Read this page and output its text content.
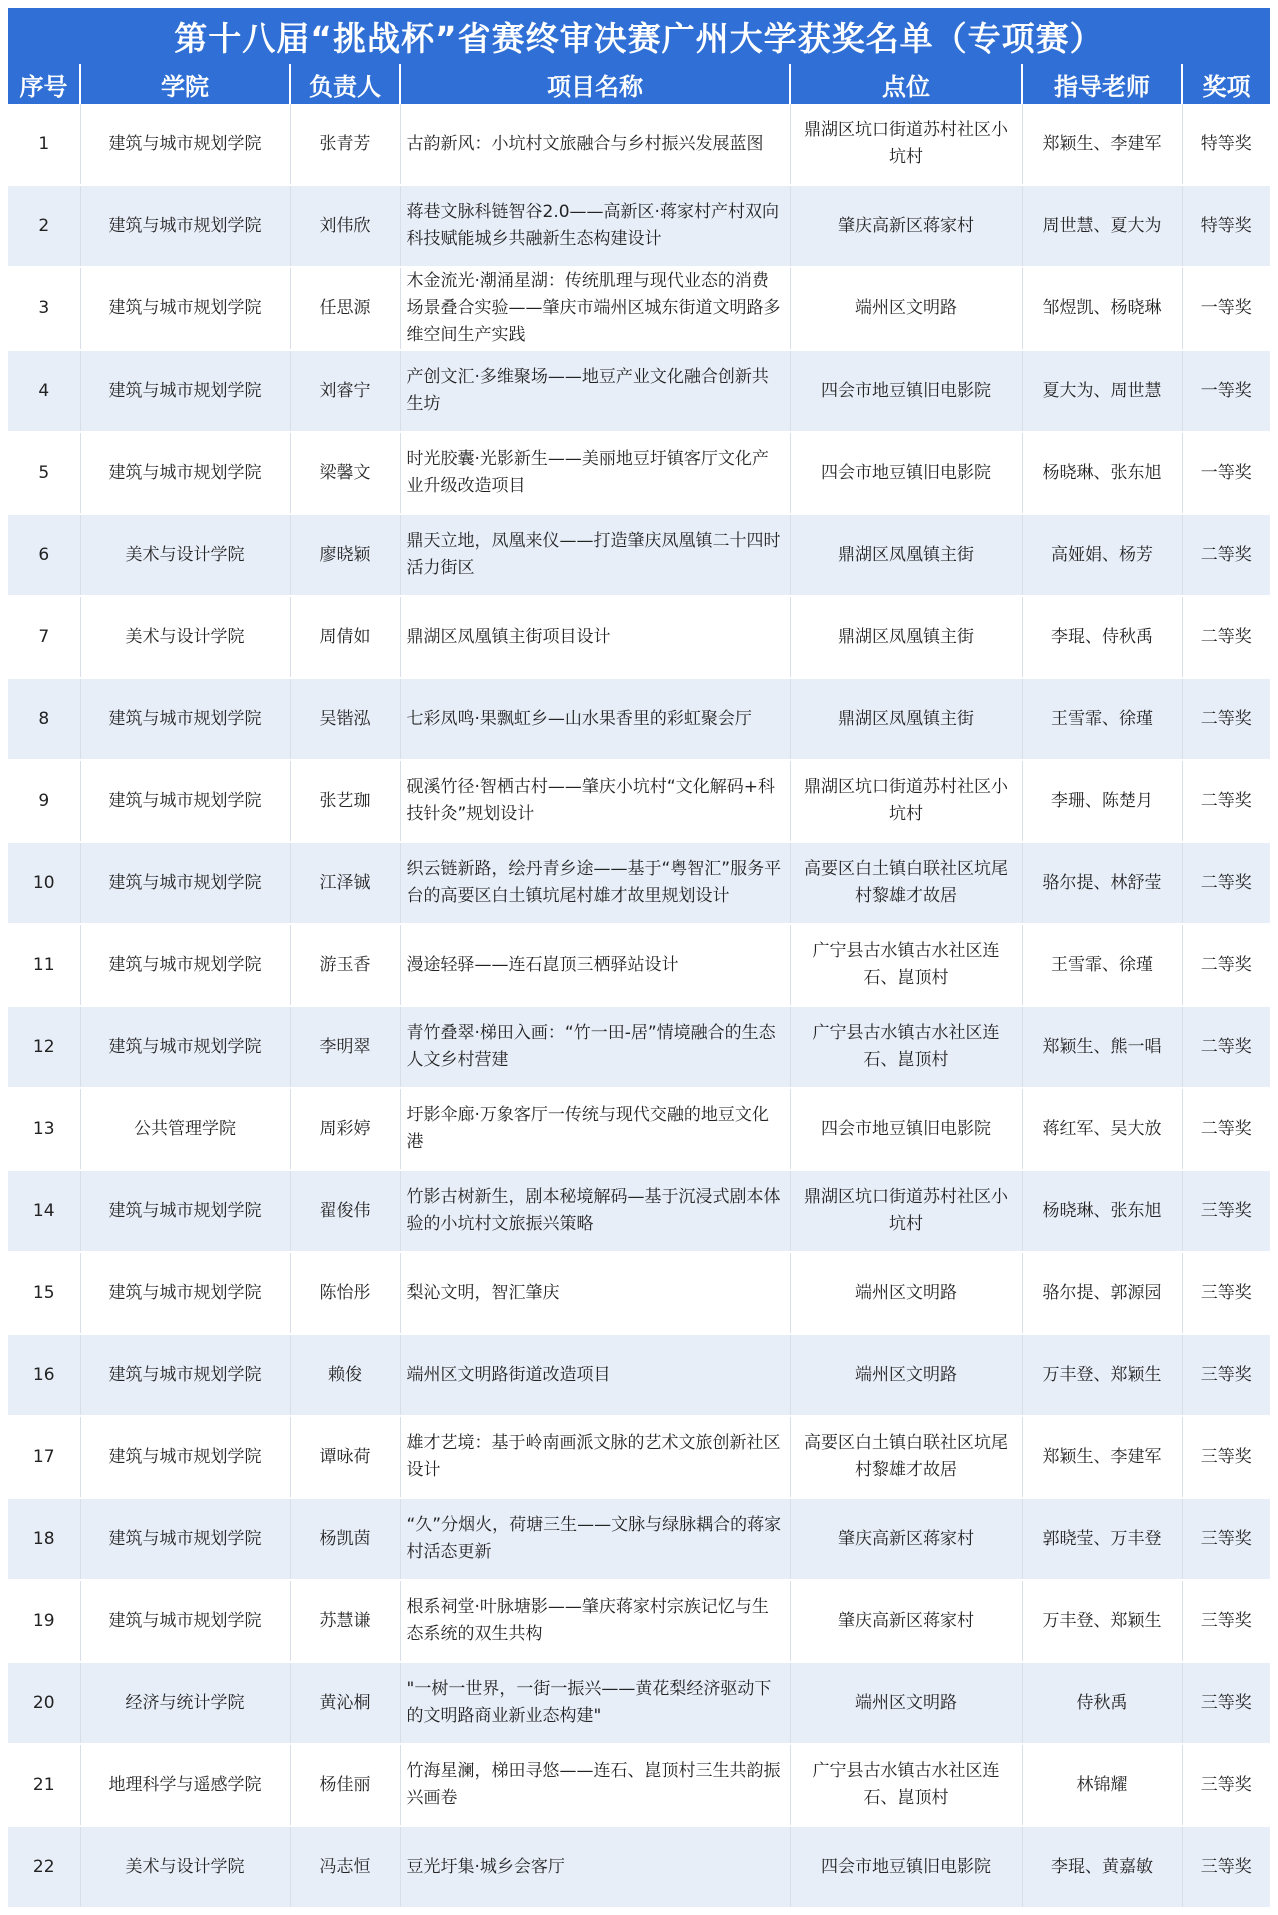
第十八届“挑战杯”省赛终审决赛广州大学获奖名单（专项赛）
序号	学院	负责人	项目名称	点位	指导老师	奖项
1	建筑与城市规划学院	张青芳	古韵新风：小坑村文旅融合与乡村振兴发展蓝图	鼎湖区坑口街道苏村社区小坑村	郑颖生、李建军	特等奖
2	建筑与城市规划学院	刘伟欣	蒋巷文脉科链智谷2.0——高新区·蒋家村产村双向科技赋能城乡共融新生态构建设计	肇庆高新区蒋家村	周世慧、夏大为	特等奖
3	建筑与城市规划学院	任思源	木金流光·潮涌星湖：传统肌理与现代业态的消费场景叠合实验——肇庆市端州区城东街道文明路多维空间生产实践	端州区文明路	邹煜凯、杨晓琳	一等奖
4	建筑与城市规划学院	刘睿宁	产创文汇·多维聚场——地豆产业文化融合创新共生坊	四会市地豆镇旧电影院	夏大为、周世慧	一等奖
5	建筑与城市规划学院	梁馨文	时光胶囊·光影新生——美丽地豆圩镇客厅文化产业升级改造项目	四会市地豆镇旧电影院	杨晓琳、张东旭	一等奖
6	美术与设计学院	廖晓颖	鼎天立地，凤凰来仪——打造肇庆凤凰镇二十四时活力街区	鼎湖区凤凰镇主街	高娅娟、杨芳	二等奖
7	美术与设计学院	周倩如	鼎湖区凤凰镇主街项目设计	鼎湖区凤凰镇主街	李琨、侍秋禹	二等奖
8	建筑与城市规划学院	吴锴泓	七彩凤鸣·果飘虹乡—山水果香里的彩虹聚会厅	鼎湖区凤凰镇主街	王雪霏、徐瑾	二等奖
9	建筑与城市规划学院	张艺珈	砚溪竹径·智栖古村——肇庆小坑村“文化解码+科技针灸”规划设计	鼎湖区坑口街道苏村社区小坑村	李珊、陈楚月	二等奖
10	建筑与城市规划学院	江泽铖	织云链新路，绘丹青乡途——基于“粤智汇”服务平台的高要区白土镇坑尾村雄才故里规划设计	高要区白土镇白联社区坑尾村黎雄才故居	骆尔提、林舒莹	二等奖
11	建筑与城市规划学院	游玉香	漫途轻驿——连石崑顶三栖驿站设计	广宁县古水镇古水社区连石、崑顶村	王雪霏、徐瑾	二等奖
12	建筑与城市规划学院	李明翠	青竹叠翠·梯田入画：“竹一田-居”情境融合的生态人文乡村营建	广宁县古水镇古水社区连石、崑顶村	郑颖生、熊一唱	二等奖
13	公共管理学院	周彩婷	圩影伞廊·万象客厅一传统与现代交融的地豆文化港	四会市地豆镇旧电影院	蒋红军、吴大放	二等奖
14	建筑与城市规划学院	翟俊伟	竹影古树新生，剧本秘境解码—基于沉浸式剧本体验的小坑村文旅振兴策略	鼎湖区坑口街道苏村社区小坑村	杨晓琳、张东旭	三等奖
15	建筑与城市规划学院	陈怡彤	梨沁文明，智汇肇庆	端州区文明路	骆尔提、郭源园	三等奖
16	建筑与城市规划学院	赖俊	端州区文明路街道改造项目	端州区文明路	万丰登、郑颖生	三等奖
17	建筑与城市规划学院	谭咏荷	雄才艺境：基于岭南画派文脉的艺术文旅创新社区设计	高要区白土镇白联社区坑尾村黎雄才故居	郑颖生、李建军	三等奖
18	建筑与城市规划学院	杨凯茵	“久”分烟火，荷塘三生——文脉与绿脉耦合的蒋家村活态更新	肇庆高新区蒋家村	郭晓莹、万丰登	三等奖
19	建筑与城市规划学院	苏慧谦	根系祠堂·叶脉塘影——肇庆蒋家村宗族记忆与生态系统的双生共构	肇庆高新区蒋家村	万丰登、郑颖生	三等奖
20	经济与统计学院	黄沁桐	"一树一世界，一街一振兴——黄花梨经济驱动下的文明路商业新业态构建"	端州区文明路	侍秋禹	三等奖
21	地理科学与遥感学院	杨佳丽	竹海星澜，梯田寻悠——连石、崑顶村三生共韵振兴画卷	广宁县古水镇古水社区连石、崑顶村	林锦耀	三等奖
22	美术与设计学院	冯志恒	豆光圩集·城乡会客厅	四会市地豆镇旧电影院	李琨、黄嘉敏	三等奖
